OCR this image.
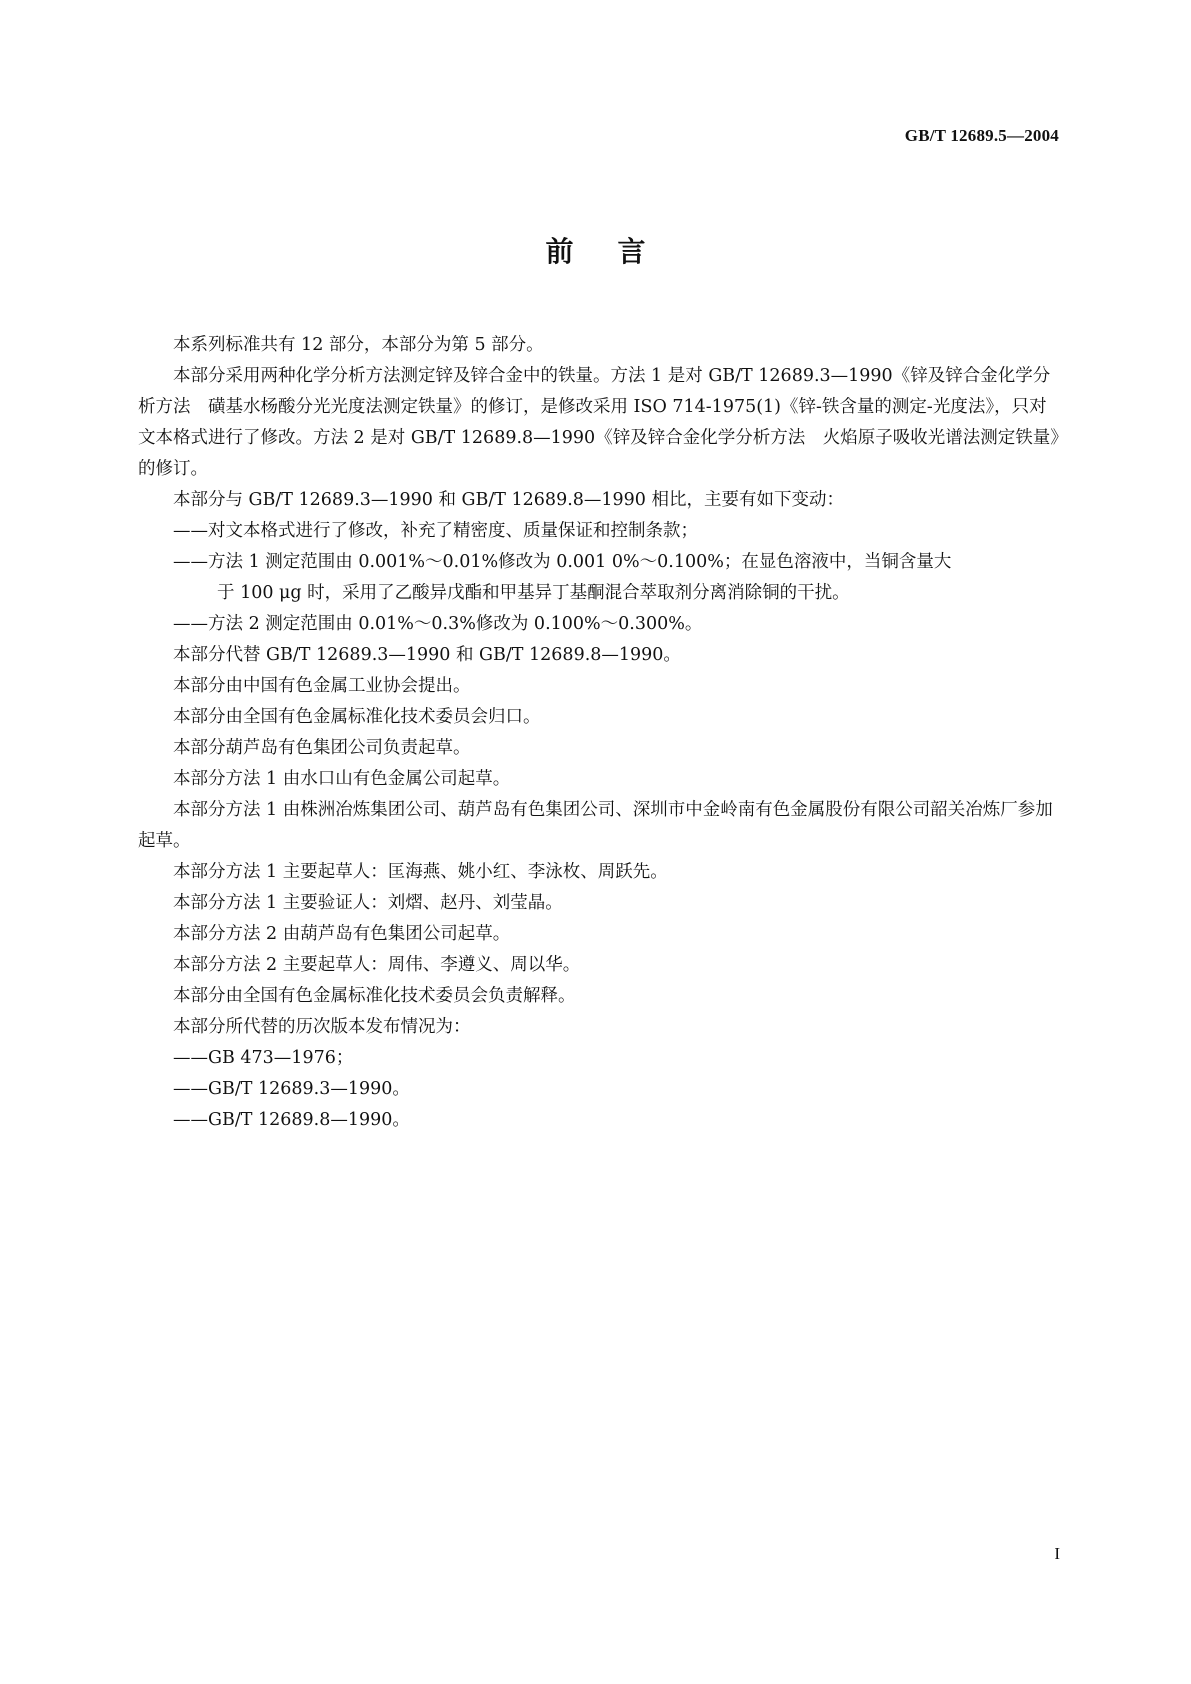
GB/T 12689.5—2004
前言

本系列标准共有 12 部分，本部分为第 5 部分。

本部分采用两种化学分析方法测定锌及锌合金中的铁量。方法 1 是对 GB/T 12689.3—1990《锌及锌合金化学分析方法　磺基水杨酸分光光度法测定铁量》的修订，是修改采用 ISO 714-1975(1)《锌-铁含量的测定-光度法》，只对文本格式进行了修改。方法 2 是对 GB/T 12689.8—1990《锌及锌合金化学分析方法　火焰原子吸收光谱法测定铁量》的修订。

本部分与 GB/T 12689.3—1990 和 GB/T 12689.8—1990 相比，主要有如下变动：

——对文本格式进行了修改，补充了精密度、质量保证和控制条款；

——方法 1 测定范围由 0.001%～0.01%修改为 0.001 0%～0.100%；在显色溶液中，当铜含量大
于 100 μg 时，采用了乙酸异戊酯和甲基异丁基酮混合萃取剂分离消除铜的干扰。

——方法 2 测定范围由 0.01%～0.3%修改为 0.100%～0.300%。

本部分代替 GB/T 12689.3—1990 和 GB/T 12689.8—1990。

本部分由中国有色金属工业协会提出。

本部分由全国有色金属标准化技术委员会归口。

本部分葫芦岛有色集团公司负责起草。

本部分方法 1 由水口山有色金属公司起草。

本部分方法 1 由株洲冶炼集团公司、葫芦岛有色集团公司、深圳市中金岭南有色金属股份有限公司韶关冶炼厂参加起草。

本部分方法 1 主要起草人：匡海燕、姚小红、李泳枚、周跃先。

本部分方法 1 主要验证人：刘熠、赵丹、刘莹晶。

本部分方法 2 由葫芦岛有色集团公司起草。

本部分方法 2 主要起草人：周伟、李遵义、周以华。

本部分由全国有色金属标准化技术委员会负责解释。

本部分所代替的历次版本发布情况为：

——GB 473—1976；

——GB/T 12689.3—1990。

——GB/T 12689.8—1990。

I
